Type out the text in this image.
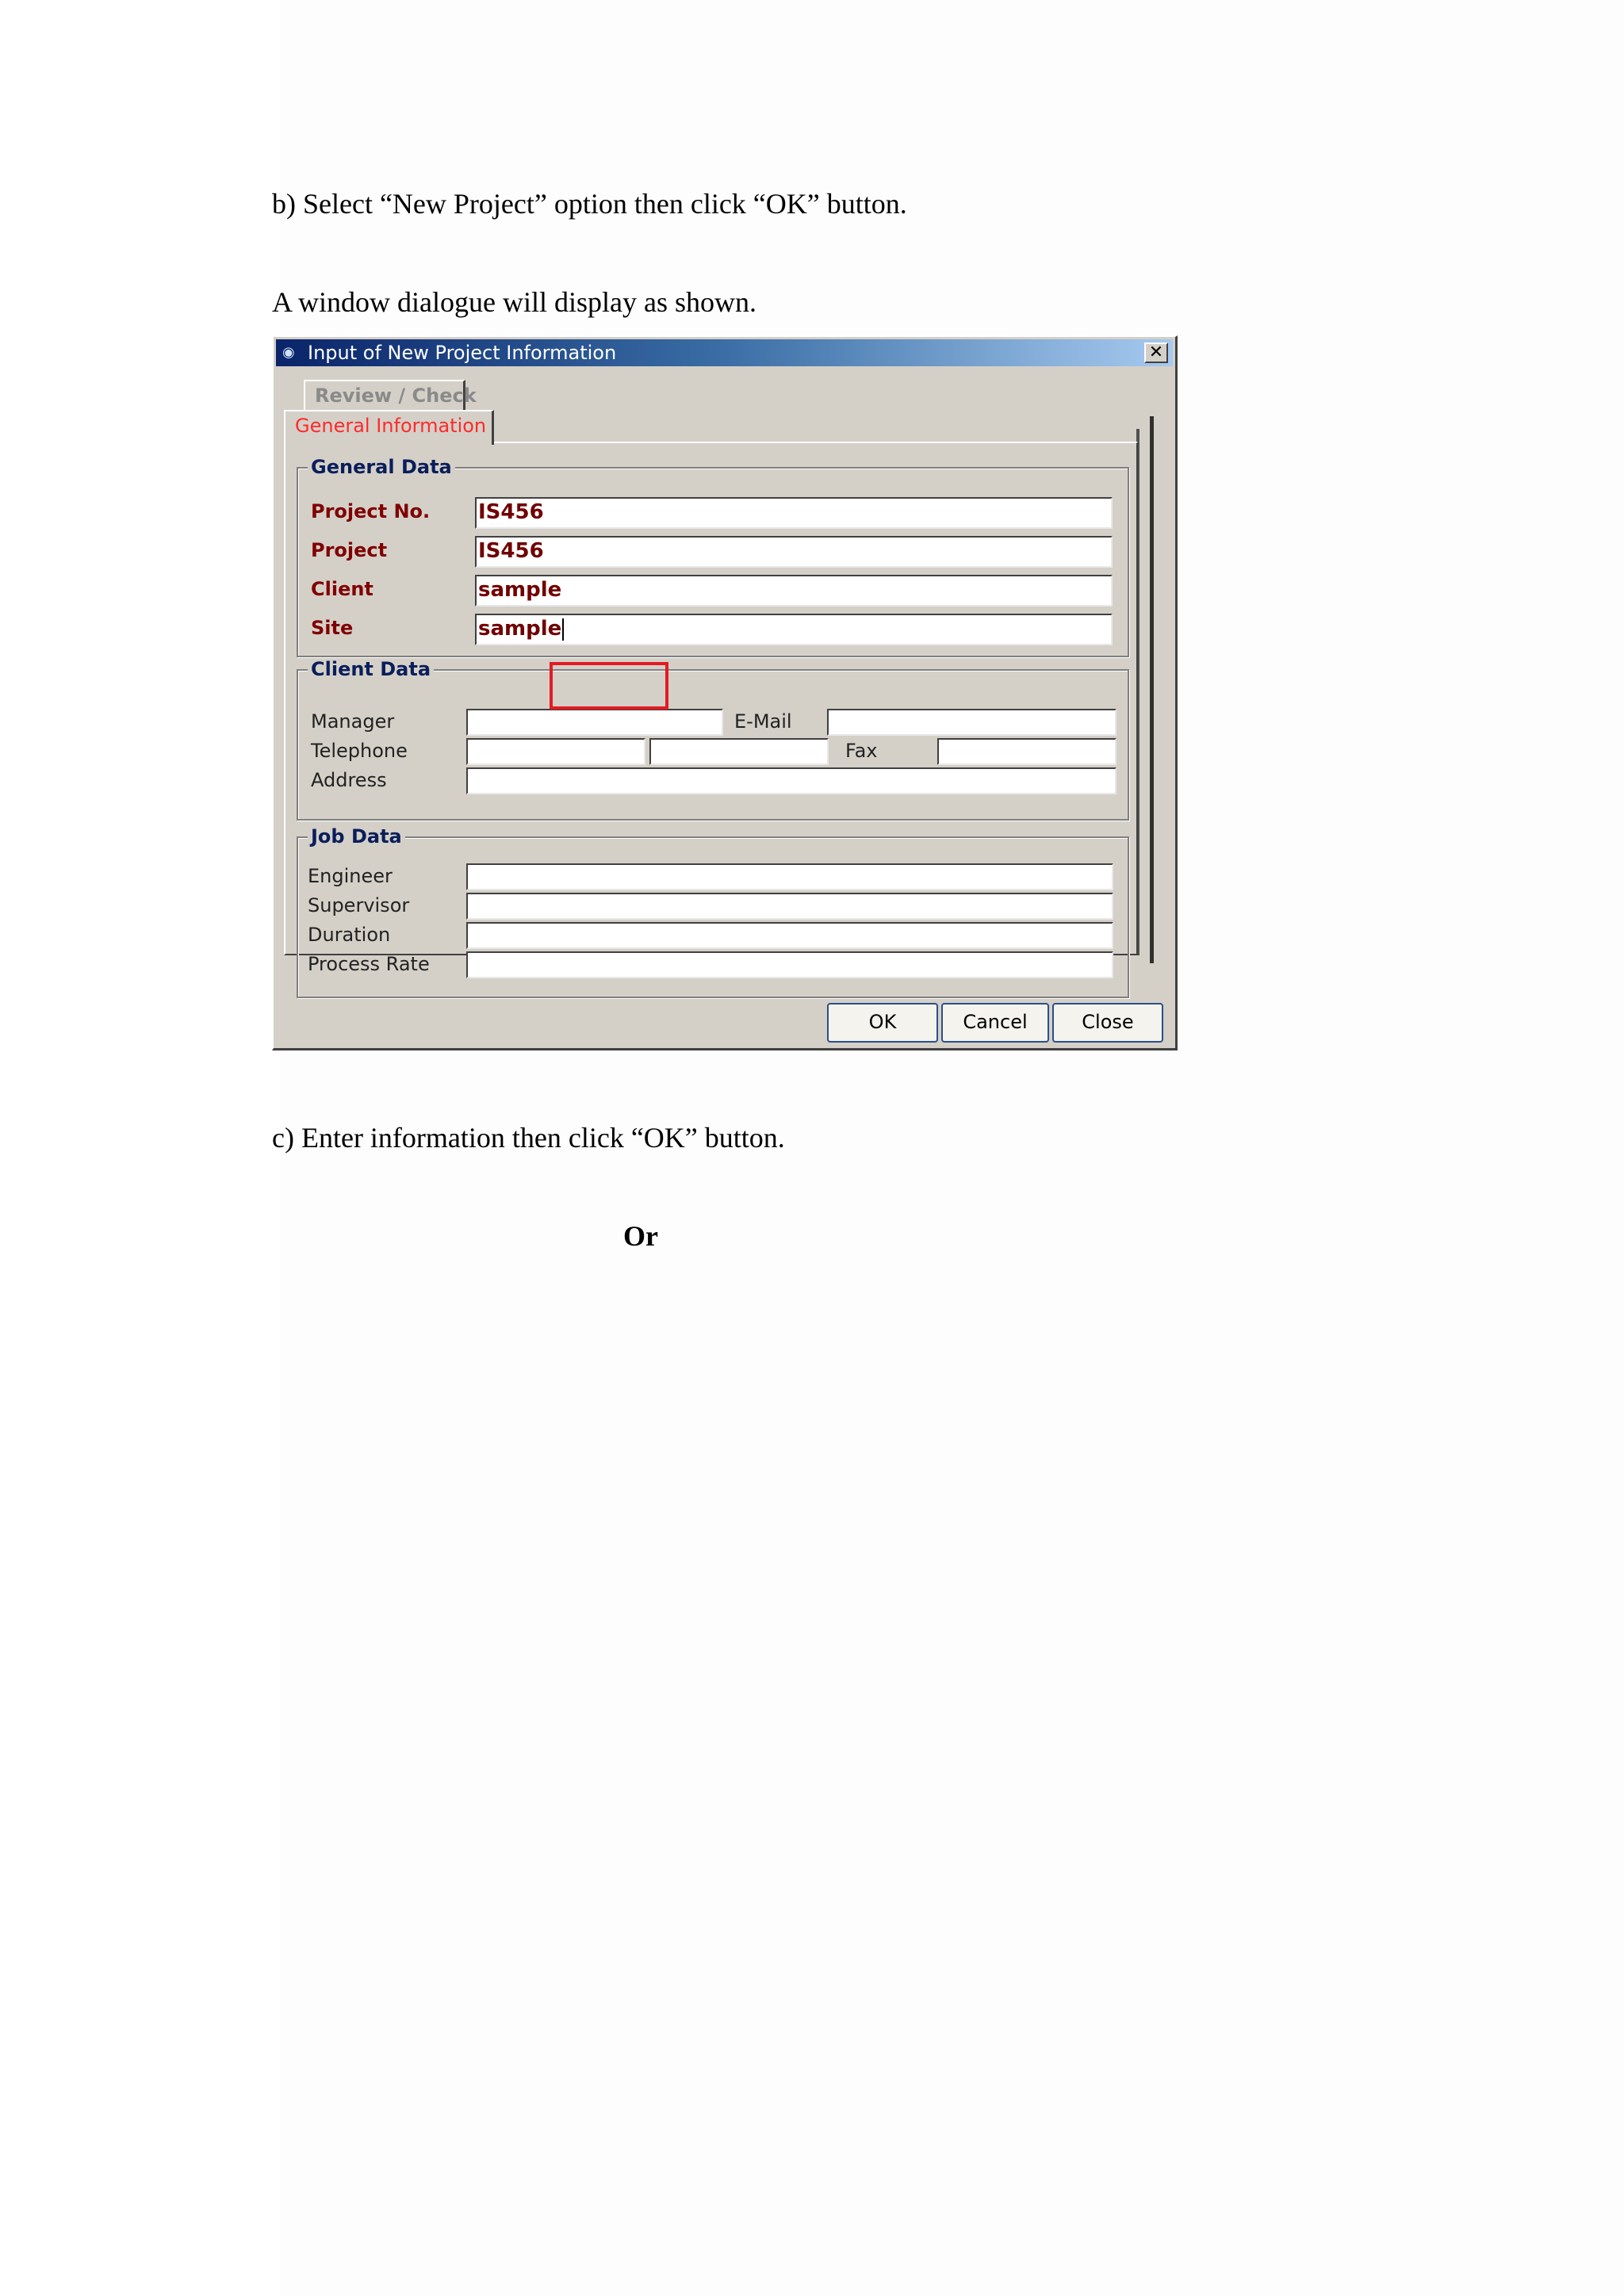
b) Select “New Project” option then click “OK” button.
A window dialogue will display as shown.
◉ Input of New Project Information	✕
Review / Check
General Information
General Data
Project No. IS456
Project	IS456
Client	sample
Site	sample
Client Data
Manager	E-Mail
Telephone	Fax
Address
Job Data
Engineer
Supervisor
Duration
Process Rate
OK	Cancel	Close
c) Enter information then click “OK” button.
Or
